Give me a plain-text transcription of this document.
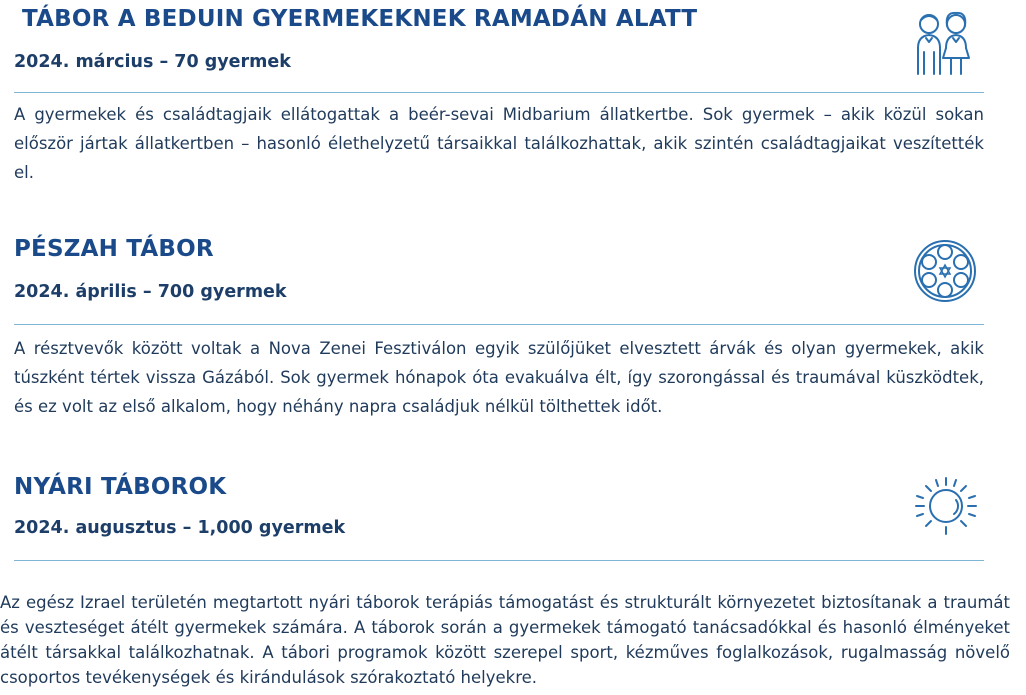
TÁBOR A BEDUIN GYERMEKEKNEK RAMADÁN ALATT

2024. március – 70 gyermek

A gyermekek és családtagjaik ellátogattak a beér-sevai Midbarium állatkertbe. Sok gyermek – akik közül sokan először jártak állatkertben – hasonló élethelyzetű társaikkal találkozhattak, akik szintén családtagjaikat veszítették el.

PÉSZAH TÁBOR

2024. április – 700 gyermek

A résztvevők között voltak a Nova Zenei Fesztiválon egyik szülőjüket elvesztett árvák és olyan gyermekek, akik túszként tértek vissza Gázából. Sok gyermek hónapok óta evakuálva élt, így szorongással és traumával küszködtek, és ez volt az első alkalom, hogy néhány napra családjuk nélkül tölthettek időt.

NYÁRI TÁBOROK

2024. augusztus – 1,000 gyermek

Az egész Izrael területén megtartott nyári táborok terápiás támogatást és strukturált környezetet biztosítanak a traumát és veszteséget átélt gyermekek számára. A táborok során a gyermekek támogató tanácsadókkal és hasonló élményeket átélt társakkal találkozhatnak. A tábori programok között szerepel sport, kézműves foglalkozások, rugalmasság növelő csoportos tevékenységek és kirándulások szórakoztató helyekre.
